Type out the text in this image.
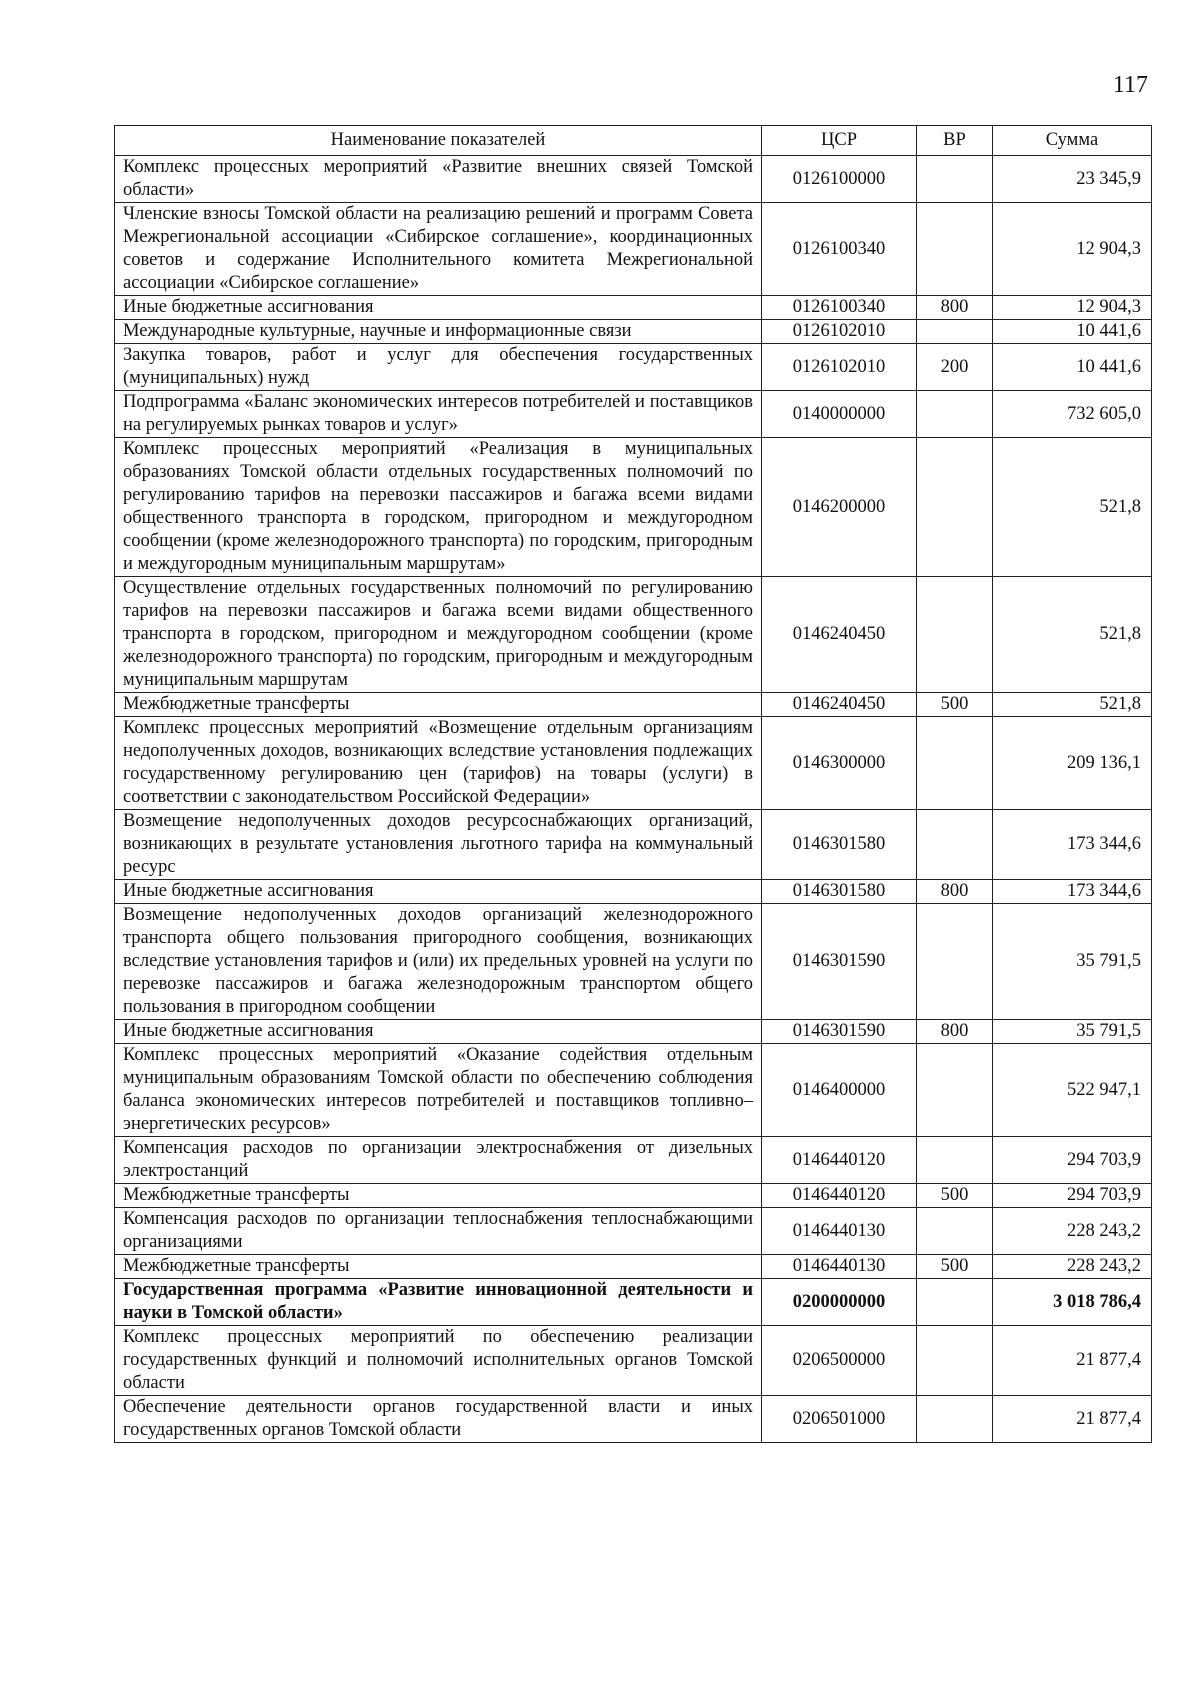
117
Наименование показателей	ЦСР	ВР	Сумма
Комплекс процессных мероприятий «Развитие внешних связей Томской области»	0126100000		23 345,9
Членские взносы Томской области на реализацию решений и программ Совета Межрегиональной ассоциации «Сибирское соглашение», координационных советов и содержание Исполнительного комитета Межрегиональной ассоциации «Сибирское соглашение»	0126100340		12 904,3
Иные бюджетные ассигнования	0126100340	800	12 904,3
Международные культурные, научные и информационные связи	0126102010		10 441,6
Закупка товаров, работ и услуг для обеспечения государственных (муниципальных) нужд	0126102010	200	10 441,6
Подпрограмма «Баланс экономических интересов потребителей и поставщиков на регулируемых рынках товаров и услуг»	0140000000		732 605,0
Комплекс процессных мероприятий «Реализация в муниципальных образованиях Томской области отдельных государственных полномочий по регулированию тарифов на перевозки пассажиров и багажа всеми видами общественного транспорта в городском, пригородном и междугородном сообщении (кроме железнодорожного транспорта) по городским, пригородным и междугородным муниципальным маршрутам»	0146200000		521,8
Осуществление отдельных государственных полномочий по регулированию тарифов на перевозки пассажиров и багажа всеми видами общественного транспорта в городском, пригородном и междугородном сообщении (кроме железнодорожного транспорта) по городским, пригородным и междугородным муниципальным маршрутам	0146240450		521,8
Межбюджетные трансферты	0146240450	500	521,8
Комплекс процессных мероприятий «Возмещение отдельным организациям недополученных доходов, возникающих вследствие установления подлежащих государственному регулированию цен (тарифов) на товары (услуги) в соответствии с законодательством Российской Федерации»	0146300000		209 136,1
Возмещение недополученных доходов ресурсоснабжающих организаций, возникающих в результате установления льготного тарифа на коммунальный ресурс	0146301580		173 344,6
Иные бюджетные ассигнования	0146301580	800	173 344,6
Возмещение недополученных доходов организаций железнодорожного транспорта общего пользования пригородного сообщения, возникающих вследствие установления тарифов и (или) их предельных уровней на услуги по перевозке пассажиров и багажа железнодорожным транспортом общего пользования в пригородном сообщении	0146301590		35 791,5
Иные бюджетные ассигнования	0146301590	800	35 791,5
Комплекс процессных мероприятий «Оказание содействия отдельным муниципальным образованиям Томской области по обеспечению соблюдения баланса экономических интересов потребителей и поставщиков топливно–энергетических ресурсов»	0146400000		522 947,1
Компенсация расходов по организации электроснабжения от дизельных электростанций	0146440120		294 703,9
Межбюджетные трансферты	0146440120	500	294 703,9
Компенсация расходов по организации теплоснабжения теплоснабжающими организациями	0146440130		228 243,2
Межбюджетные трансферты	0146440130	500	228 243,2
Государственная программа «Развитие инновационной деятельности и науки в Томской области»	0200000000		3 018 786,4
Комплекс процессных мероприятий по обеспечению реализации государственных функций и полномочий исполнительных органов Томской области	0206500000		21 877,4
Обеспечение деятельности органов государственной власти и иных государственных органов Томской области	0206501000		21 877,4
